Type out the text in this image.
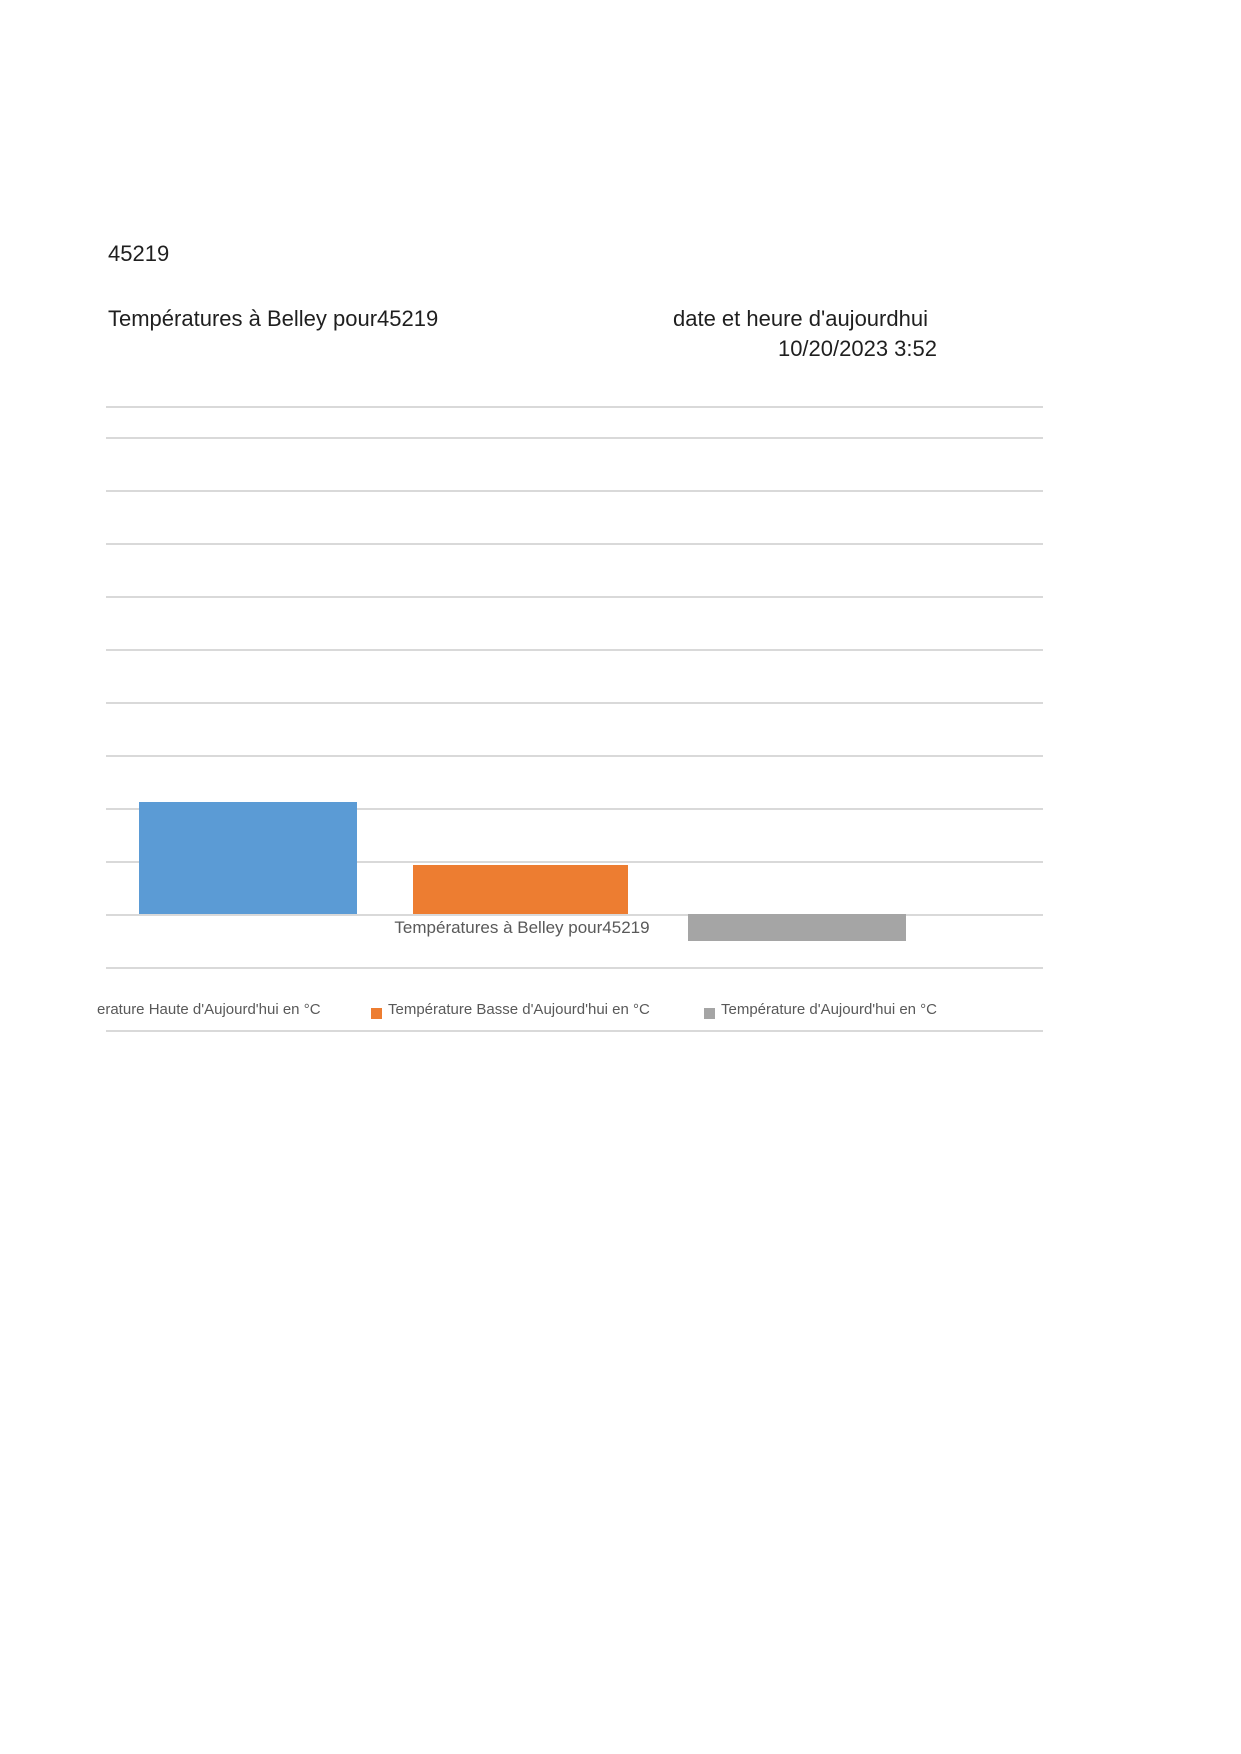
45219
Températures à Belley pour45219	date et heure d'aujourdhui
10/20/2023 3:52
Températures à Belley pour45219
erature Haute d'Aujourd'hui en °C	Température Basse d'Aujourd'hui en °C	Température d'Aujourd'hui en °C
